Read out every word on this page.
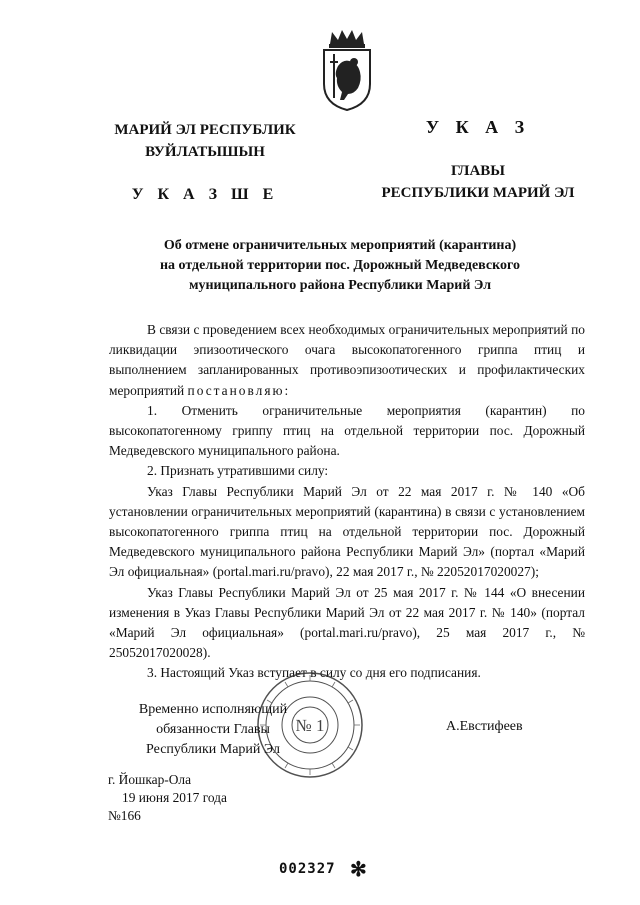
МАРИЙ ЭЛ РЕСПУБЛИК
ВУЙЛАТЫШЫН
У К А З Ш Е
У К А З
ГЛАВЫ
РЕСПУБЛИКИ МАРИЙ ЭЛ
Об отмене ограничительных мероприятий (карантина)
на отдельной территории пос. Дорожный Медведевского
муниципального района Республики Марий Эл

В связи с проведением всех необходимых ограничительных мероприятий по ликвидации эпизоотического очага высокопатогенного гриппа птиц и выполнением запланированных противоэпизоотических и профилактических мероприятий постановляю:

1. Отменить ограничительные мероприятия (карантин) по высокопатогенному гриппу птиц на отдельной территории пос. Дорожный Медведевского муниципального района.

2. Признать утратившими силу:

Указ Главы Республики Марий Эл от 22 мая 2017 г. № 140 «Об установлении ограничительных мероприятий (карантина) в связи с установлением высокопатогенного гриппа птиц на отдельной территории пос. Дорожный Медведевского муниципального района Республики Марий Эл» (портал «Марий Эл официальная» (portal.mari.ru/pravo), 22 мая 2017 г., № 22052017020027);

Указ Главы Республики Марий Эл от 25 мая 2017 г. № 144 «О внесении изменения в Указ Главы Республики Марий Эл от 22 мая 2017 г. № 140» (портал «Марий Эл официальная» (portal.mari.ru/pravo), 25 мая 2017 г., № 25052017020028).

3. Настоящий Указ вступает в силу со дня его подписания.

№ 1
Временно исполняющий
обязанности Главы
Республики Марий Эл
А.Евстифеев
г. Йошкар-Ола
19 июня 2017 года
№166
002327 ✻
